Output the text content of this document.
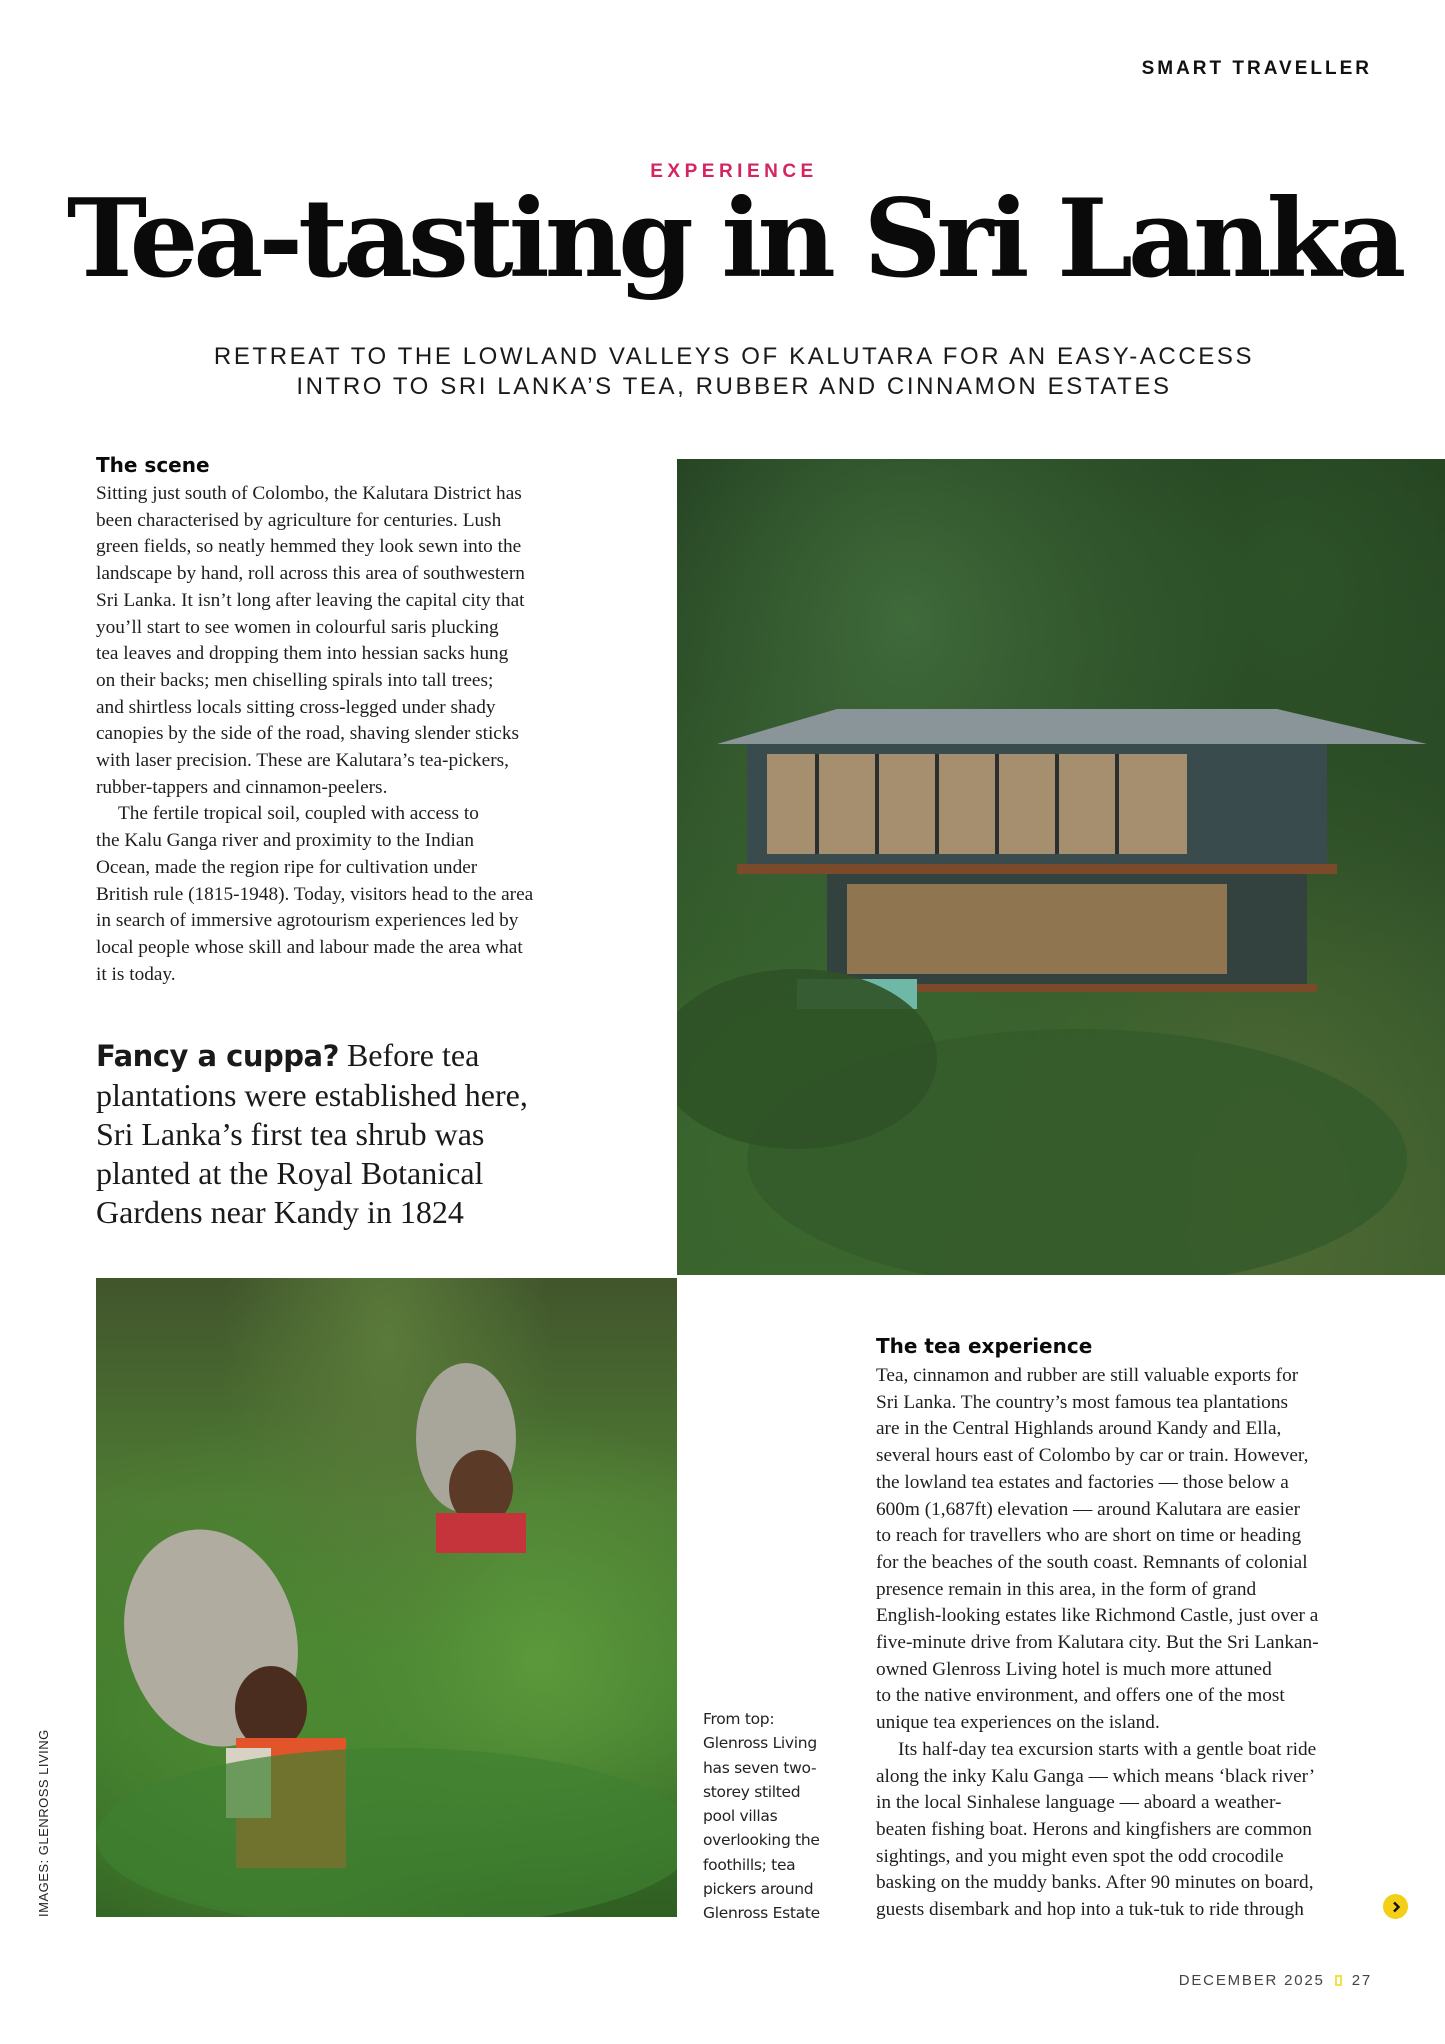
SMART TRAVELLER
EXPERIENCE
Tea-tasting in Sri Lanka
RETREAT TO THE LOWLAND VALLEYS OF KALUTARA FOR AN EASY-ACCESS
INTRO TO SRI LANKA’S TEA, RUBBER AND CINNAMON ESTATES
The scene
Sitting just south of Colombo, the Kalutara District has
been characterised by agriculture for centuries. Lush
green fields, so neatly hemmed they look sewn into the
landscape by hand, roll across this area of southwestern
Sri Lanka. It isn’t long after leaving the capital city that
you’ll start to see women in colourful saris plucking
tea leaves and dropping them into hessian sacks hung
on their backs; men chiselling spirals into tall trees;
and shirtless locals sitting cross-legged under shady
canopies by the side of the road, shaving slender sticks
with laser precision. These are Kalutara’s tea-pickers,
rubber-tappers and cinnamon-peelers.
The fertile tropical soil, coupled with access to
the Kalu Ganga river and proximity to the Indian
Ocean, made the region ripe for cultivation under
British rule (1815-1948). Today, visitors head to the area
in search of immersive agrotourism experiences led by
local people whose skill and labour made the area what
it is today.
Fancy a cuppa? Before tea
plantations were established here,
Sri Lanka’s first tea shrub was
planted at the Royal Botanical
Gardens near Kandy in 1824
From top:
Glenross Living
has seven two-
storey stilted
pool villas
overlooking the
foothills; tea
pickers around
Glenross Estate
IMAGES: GLENROSS LIVING
The tea experience
Tea, cinnamon and rubber are still valuable exports for
Sri Lanka. The country’s most famous tea plantations
are in the Central Highlands around Kandy and Ella,
several hours east of Colombo by car or train. However,
the lowland tea estates and factories — those below a
600m (1,687ft) elevation — around Kalutara are easier
to reach for travellers who are short on time or heading
for the beaches of the south coast. Remnants of colonial
presence remain in this area, in the form of grand
English-looking estates like Richmond Castle, just over a
five-minute drive from Kalutara city. But the Sri Lankan-
owned Glenross Living hotel is much more attuned
to the native environment, and offers one of the most
unique tea experiences on the island.
Its half-day tea excursion starts with a gentle boat ride
along the inky Kalu Ganga — which means ‘black river’
in the local Sinhalese language — aboard a weather-
beaten fishing boat. Herons and kingfishers are common
sightings, and you might even spot the odd crocodile
basking on the muddy banks. After 90 minutes on board,
guests disembark and hop into a tuk-tuk to ride through
DECEMBER 2025 27
